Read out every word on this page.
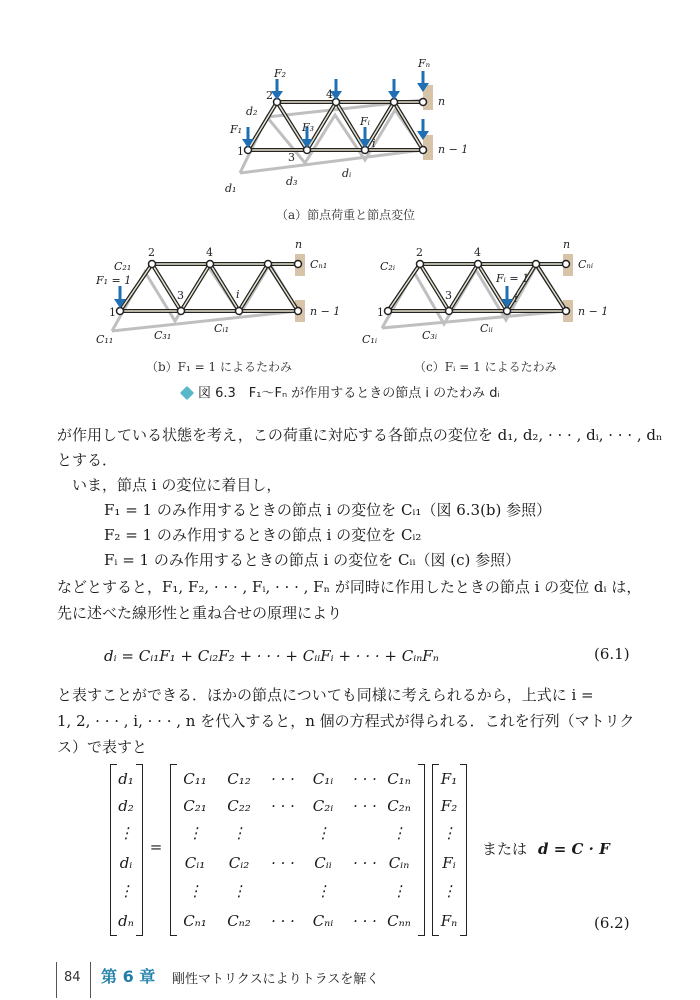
F₂
Fₙ
F₁	F₃	Fᵢ
2	4
1	3
i
n
n − 1
d₁
d₂
d₃
dᵢ
（a）節点荷重と節点変位
2	4
1
3	i
n
n − 1
C₂₁	Cₙ₁
F₁ = 1
C₁₁	C₃₁
Cᵢ₁
（b）F₁ = 1 によるたわみ
2	4
1
3	i
n
n − 1
C₂ᵢ	Cₙᵢ
Fᵢ = 1
C₁ᵢ	C₃ᵢ
Cᵢᵢ
（c）Fᵢ = 1 によるたわみ
図 6.3　F₁〜Fₙ が作用するときの節点 i のたわみ dᵢ
が作用している状態を考え，この荷重に対応する各節点の変位を d₁, d₂, · · · , dᵢ, · · · , dₙ
とする．
いま，節点 i の変位に着目し，
F₁ = 1 のみ作用するときの節点 i の変位を Cᵢ₁（図 6.3(b) 参照）
F₂ = 1 のみ作用するときの節点 i の変位を Cᵢ₂
Fᵢ = 1 のみ作用するときの節点 i の変位を Cᵢᵢ（図 (c) 参照）
などとすると，F₁, F₂, · · · , Fᵢ, · · · , Fₙ が同時に作用したときの節点 i の変位 dᵢ は，
先に述べた線形性と重ね合せの原理により
dᵢ = Cᵢ₁F₁ + Cᵢ₂F₂ + · · · + CᵢᵢFᵢ + · · · + CᵢₙFₙ	(6.1)
と表すことができる．ほかの節点についても同様に考えられるから，上式に i =
1, 2, · · · , i, · · · , n を代入すると，n 個の方程式が得られる．これを行列（マトリク
ス）で表すと
d₁
d₂
⋮
dᵢ
⋮
dₙ
=
C₁₁	C₁₂	· · ·	C₁ᵢ	· · · C₁ₙ
C₂₁	C₂₂	· · ·	C₂ᵢ	· · · C₂ₙ
⋮	⋮	⋮	⋮
Cᵢ₁	Cᵢ₂	· · ·	Cᵢᵢ	· · · Cᵢₙ
⋮	⋮	⋮	⋮
Cₙ₁	Cₙ₂	· · ·	Cₙᵢ	· · · Cₙₙ
F₁
F₂
⋮
Fᵢ
⋮
Fₙ
または d = C · F
(6.2)
84 第 6 章 剛性マトリクスによりトラスを解く
